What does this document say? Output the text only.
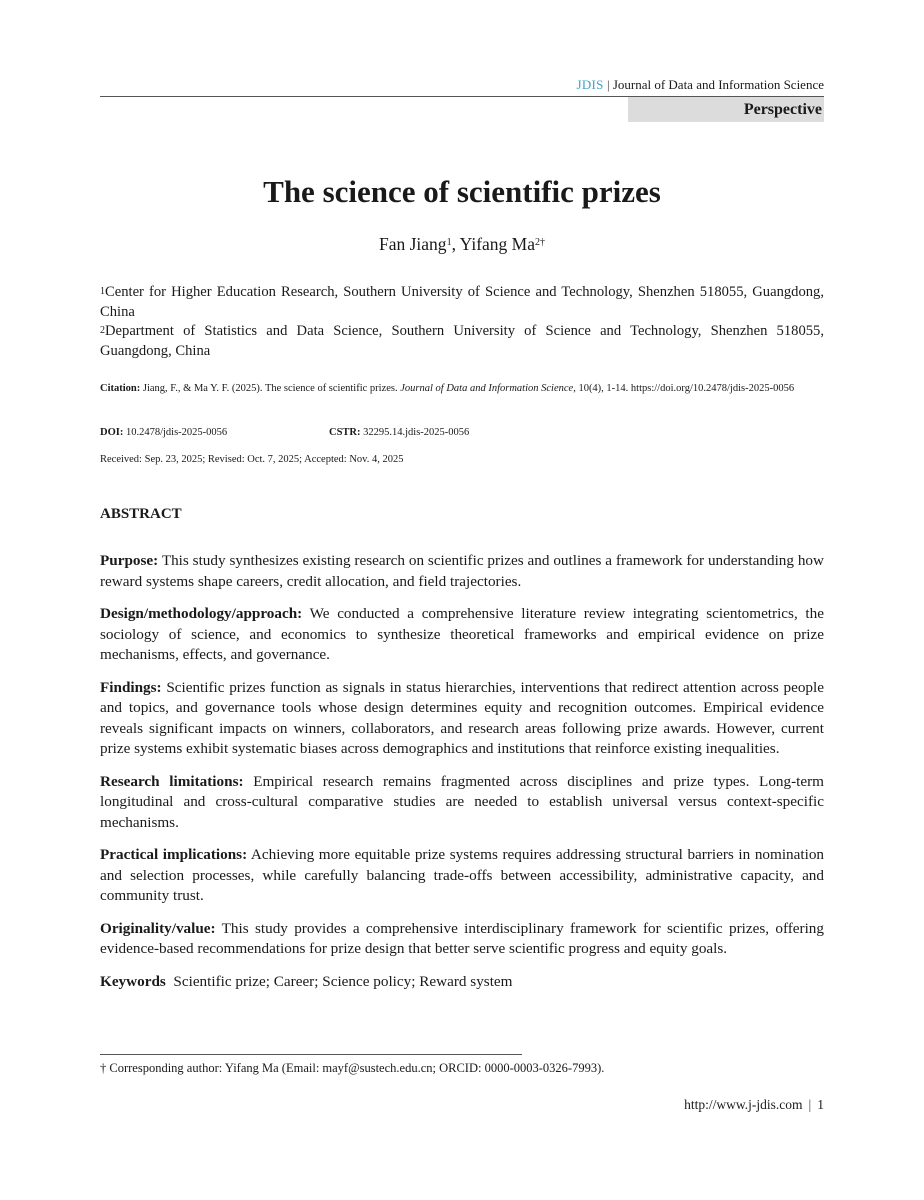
JDIS | Journal of Data and Information Science
Perspective
The science of scientific prizes
Fan Jiang$^1$, Yifang $Ma^{2\dagger}$

$^1$Center for Higher Education Research, Southern University of Science and Technology, Shenzhen 518055, Guangdong, China

$^2$Department of Statistics and Data Science, Southern University of Science and Technology, Shenzhen 518055, Guangdong, China

Citation: Jiang, F., & Ma Y. F. (2025). The science of scientific prizes. Journal of Data and Information Science, 10(4), 1-14. https://doi.org/10.2478/jdis-2025-0056
DOI: 10.2478/jdis-2025-0056	CSTR: 32295.14.jdis-2025-0056
Received: Sep. 23, 2025; Revised: Oct. 7, 2025; Accepted: Nov. 4, 2025
ABSTRACT

Purpose: This study synthesizes existing research on scientific prizes and outlines a framework for understanding how reward systems shape careers, credit allocation, and field trajectories.

Design/methodology/approach: We conducted a comprehensive literature review integrating scientometrics, the sociology of science, and economics to synthesize theoretical frameworks and empirical evidence on prize mechanisms, effects, and governance.

Findings: Scientific prizes function as signals in status hierarchies, interventions that redirect attention across people and topics, and governance tools whose design determines equity and recognition outcomes. Empirical evidence reveals significant impacts on winners, collaborators, and research areas following prize awards. However, current prize systems exhibit systematic biases across demographics and institutions that reinforce existing inequalities.

Research limitations: Empirical research remains fragmented across disciplines and prize types. Long-term longitudinal and cross-cultural comparative studies are needed to establish universal versus context-specific mechanisms.

Practical implications: Achieving more equitable prize systems requires addressing structural barriers in nomination and selection processes, while carefully balancing trade-offs between accessibility, administrative capacity, and community trust.

Originality/value: This study provides a comprehensive interdisciplinary framework for scientific prizes, offering evidence-based recommendations for prize design that better serve scientific progress and equity goals.

Keywords Scientific prize; Career; Science policy; Reward system

† Corresponding author: Yifang Ma (Email: mayf@sustech.edu.cn; ORCID: 0000-0003-0326-7993).
http://www.j-jdis.com | 1
